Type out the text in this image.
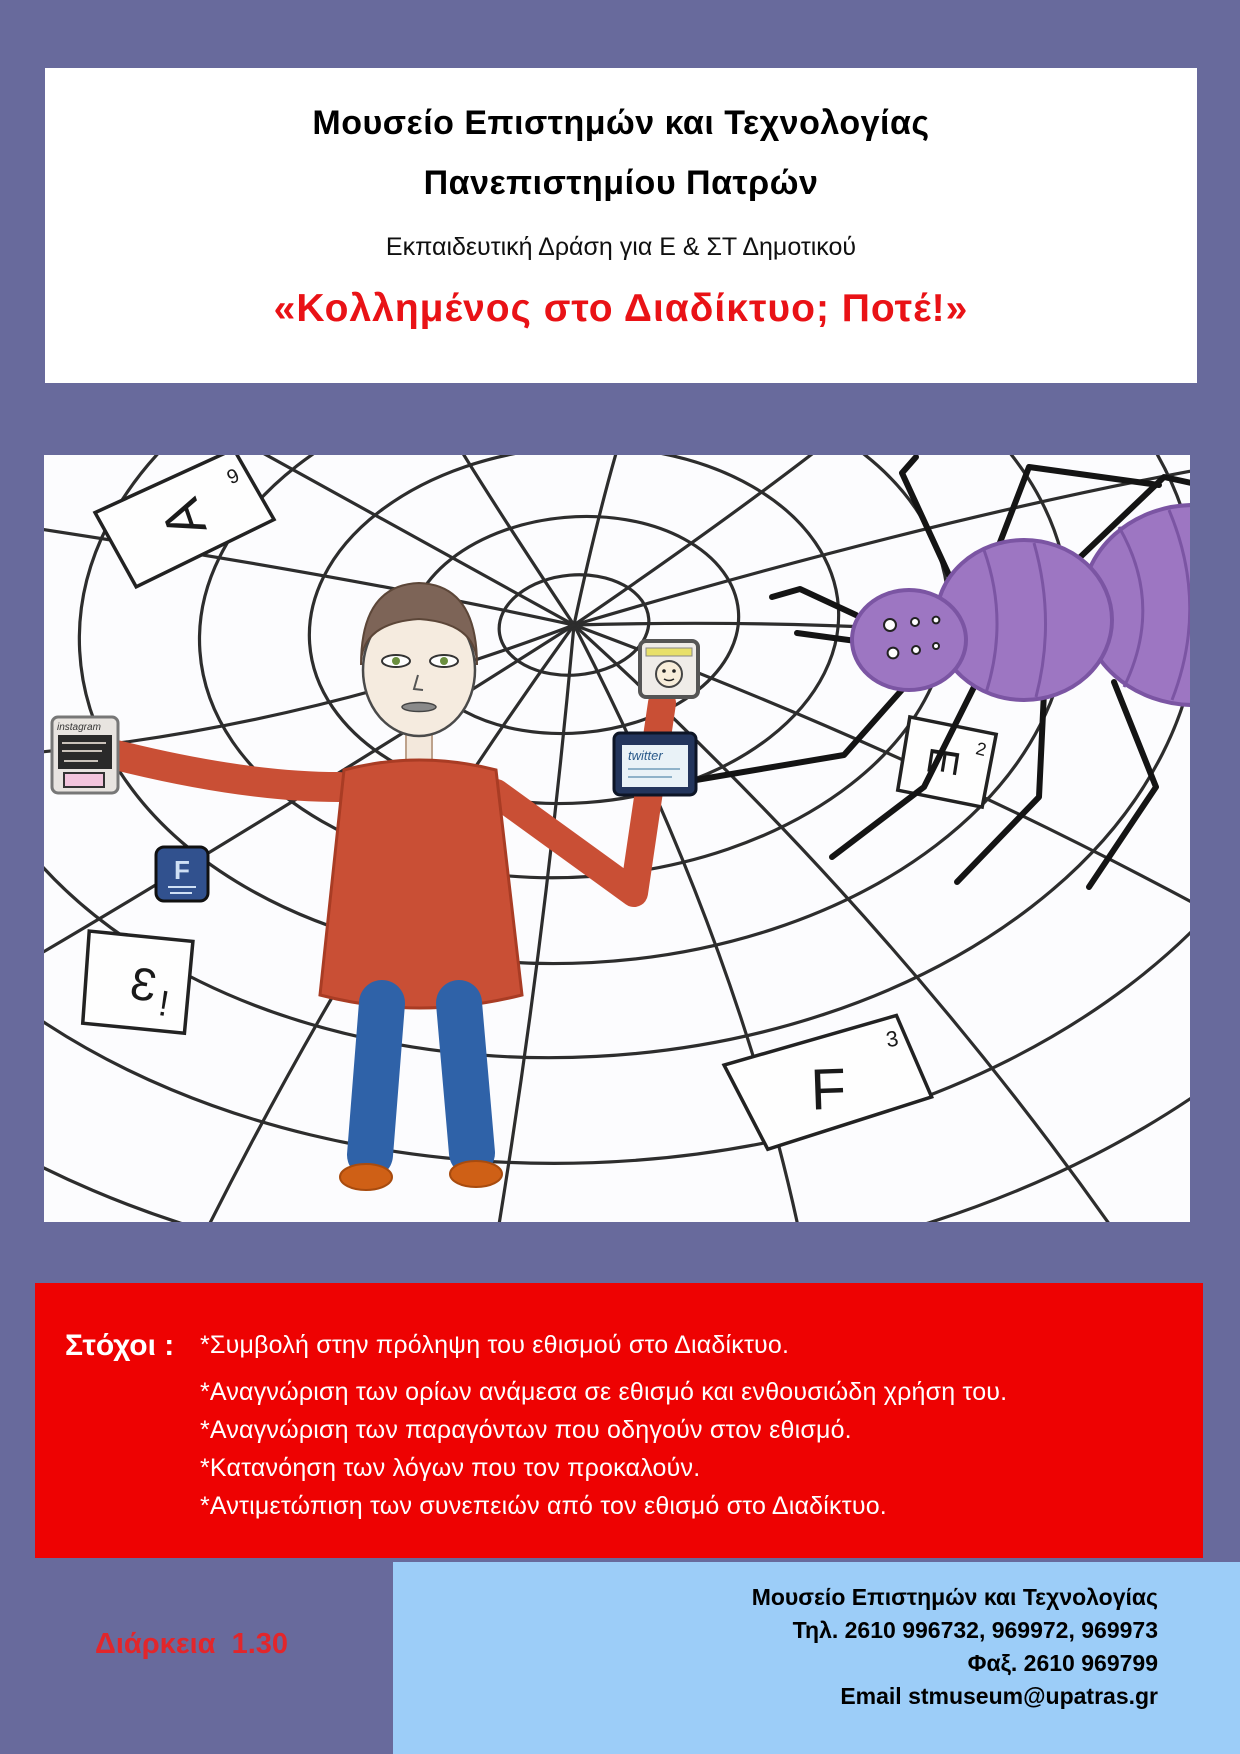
Μουσείο Επιστημών και Τεχνολογίας
Πανεπιστημίου Πατρών
Εκπαιδευτική Δράση για Ε & ΣΤ Δημοτικού
«Κολλημένος στο Διαδίκτυο; Ποτέ!»
A
6
3
!
F
3
E 2
instagram
F
twitter
Στόχοι :	*Συμβολή στην πρόληψη του εθισμού στο Διαδίκτυο.
*Αναγνώριση των ορίων ανάμεσα σε εθισμό και ενθουσιώδη χρήση του.
*Αναγνώριση των παραγόντων που οδηγούν στον εθισμό.
*Κατανόηση των λόγων που τον προκαλούν.
*Αντιμετώπιση των συνεπειών από τον εθισμό στο Διαδίκτυο.
Διάρκεια  1.30
Μουσείο Επιστημών και Τεχνολογίας
Τηλ. 2610 996732, 969972, 969973
Φαξ. 2610 969799
Email stmuseum@upatras.gr
